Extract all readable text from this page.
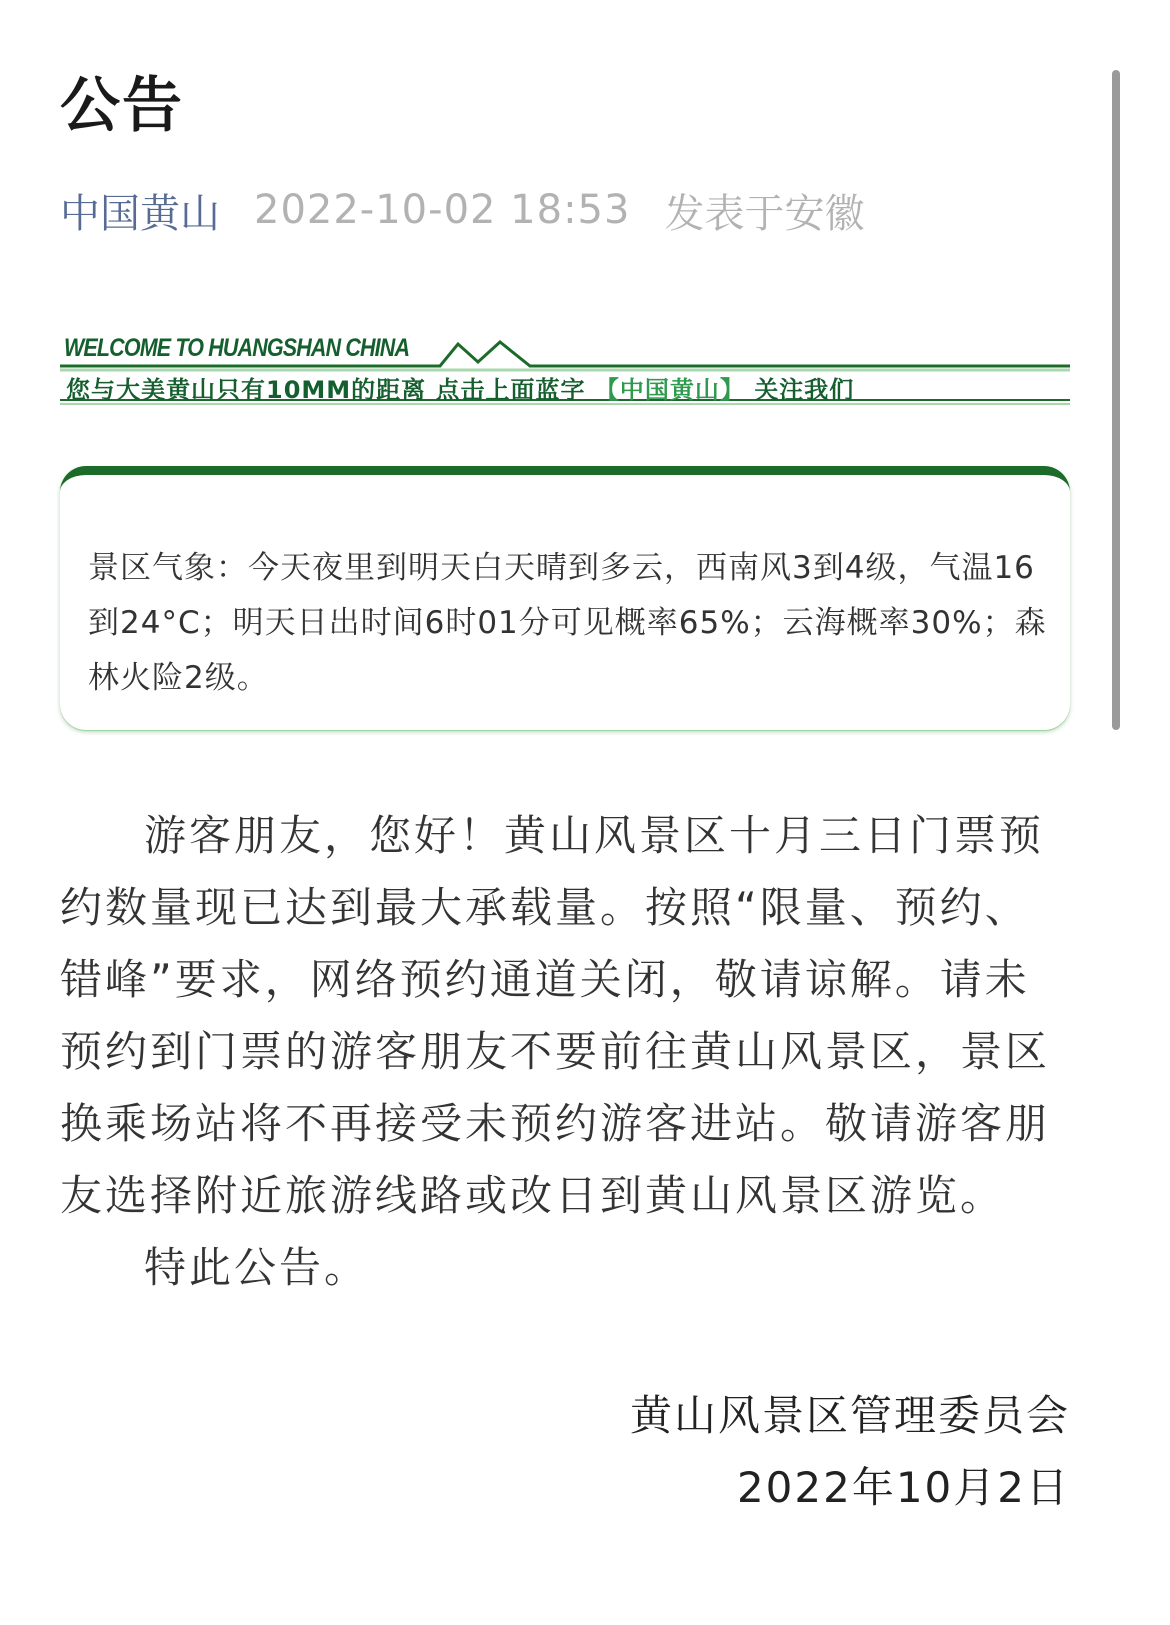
公告
中国黄山 2022-10-02 18:53 发表于安徽
WELCOME TO HUANGSHAN CHINA
您与大美黄山只有10MM的距离 点击上面蓝字 【中国黄山】 关注我们
景区气象：今天夜里到明天白天晴到多云，西南风3到4级，气温16到24°C；明天日出时间6时01分可见概率65%；云海概率30%；森林火险2级。

游客朋友，您好！黄山风景区十月三日门票预约数量现已达到最大承载量。按照“限量、预约、错峰”要求，网络预约通道关闭，敬请谅解。请未预约到门票的游客朋友不要前往黄山风景区，景区换乘场站将不再接受未预约游客进站。敬请游客朋友选择附近旅游线路或改日到黄山风景区游览。

特此公告。

黄山风景区管理委员会
2022年10月2日
